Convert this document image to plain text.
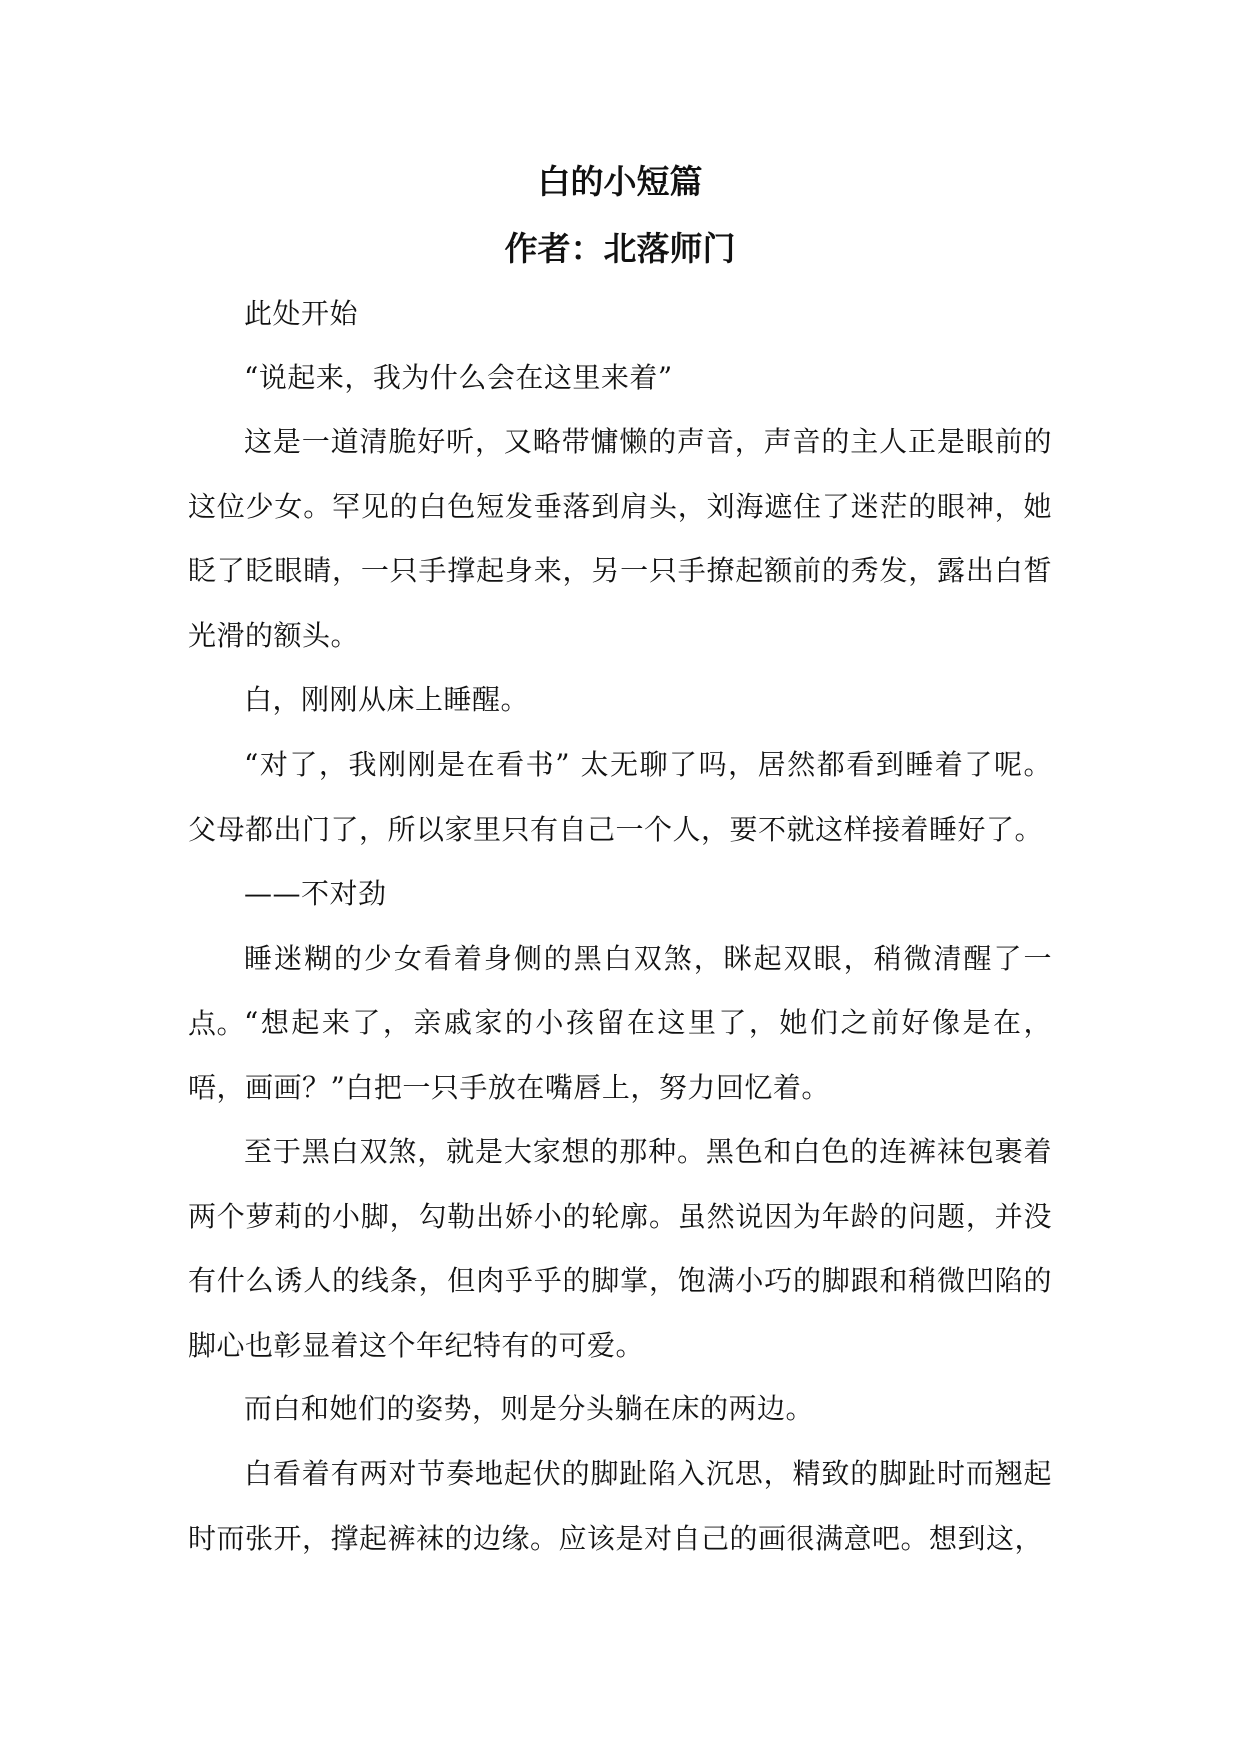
白的小短篇
作者：北落师门

此处开始

“说起来，我为什么会在这里来着”

这是一道清脆好听，又略带慵懒的声音，声音的主人正是眼前的这位少女。罕见的白色短发垂落到肩头，刘海遮住了迷茫的眼神，她眨了眨眼睛，一只手撑起身来，另一只手撩起额前的秀发，露出白皙光滑的额头。

白，刚刚从床上睡醒。

“对了，我刚刚是在看书” 太无聊了吗，居然都看到睡着了呢。父母都出门了，所以家里只有自己一个人，要不就这样接着睡好了。

——不对劲

睡迷糊的少女看着身侧的黑白双煞，眯起双眼，稍微清醒了一点。

“想起来了，亲戚家的小孩留在这里了，她们之前好像是在，唔，画画？”白把一只手放在嘴唇上，努力回忆着。

至于黑白双煞，就是大家想的那种。黑色和白色的连裤袜包裹着两个萝莉的小脚，勾勒出娇小的轮廓。虽然说因为年龄的问题，并没有什么诱人的线条，但肉乎乎的脚掌，饱满小巧的脚跟和稍微凹陷的脚心也彰显着这个年纪特有的可爱。

而白和她们的姿势，则是分头躺在床的两边。

白看着有两对节奏地起伏的脚趾陷入沉思，精致的脚趾时而翘起时而张开，撑起裤袜的边缘。应该是对自己的画很满意吧。想到这，
